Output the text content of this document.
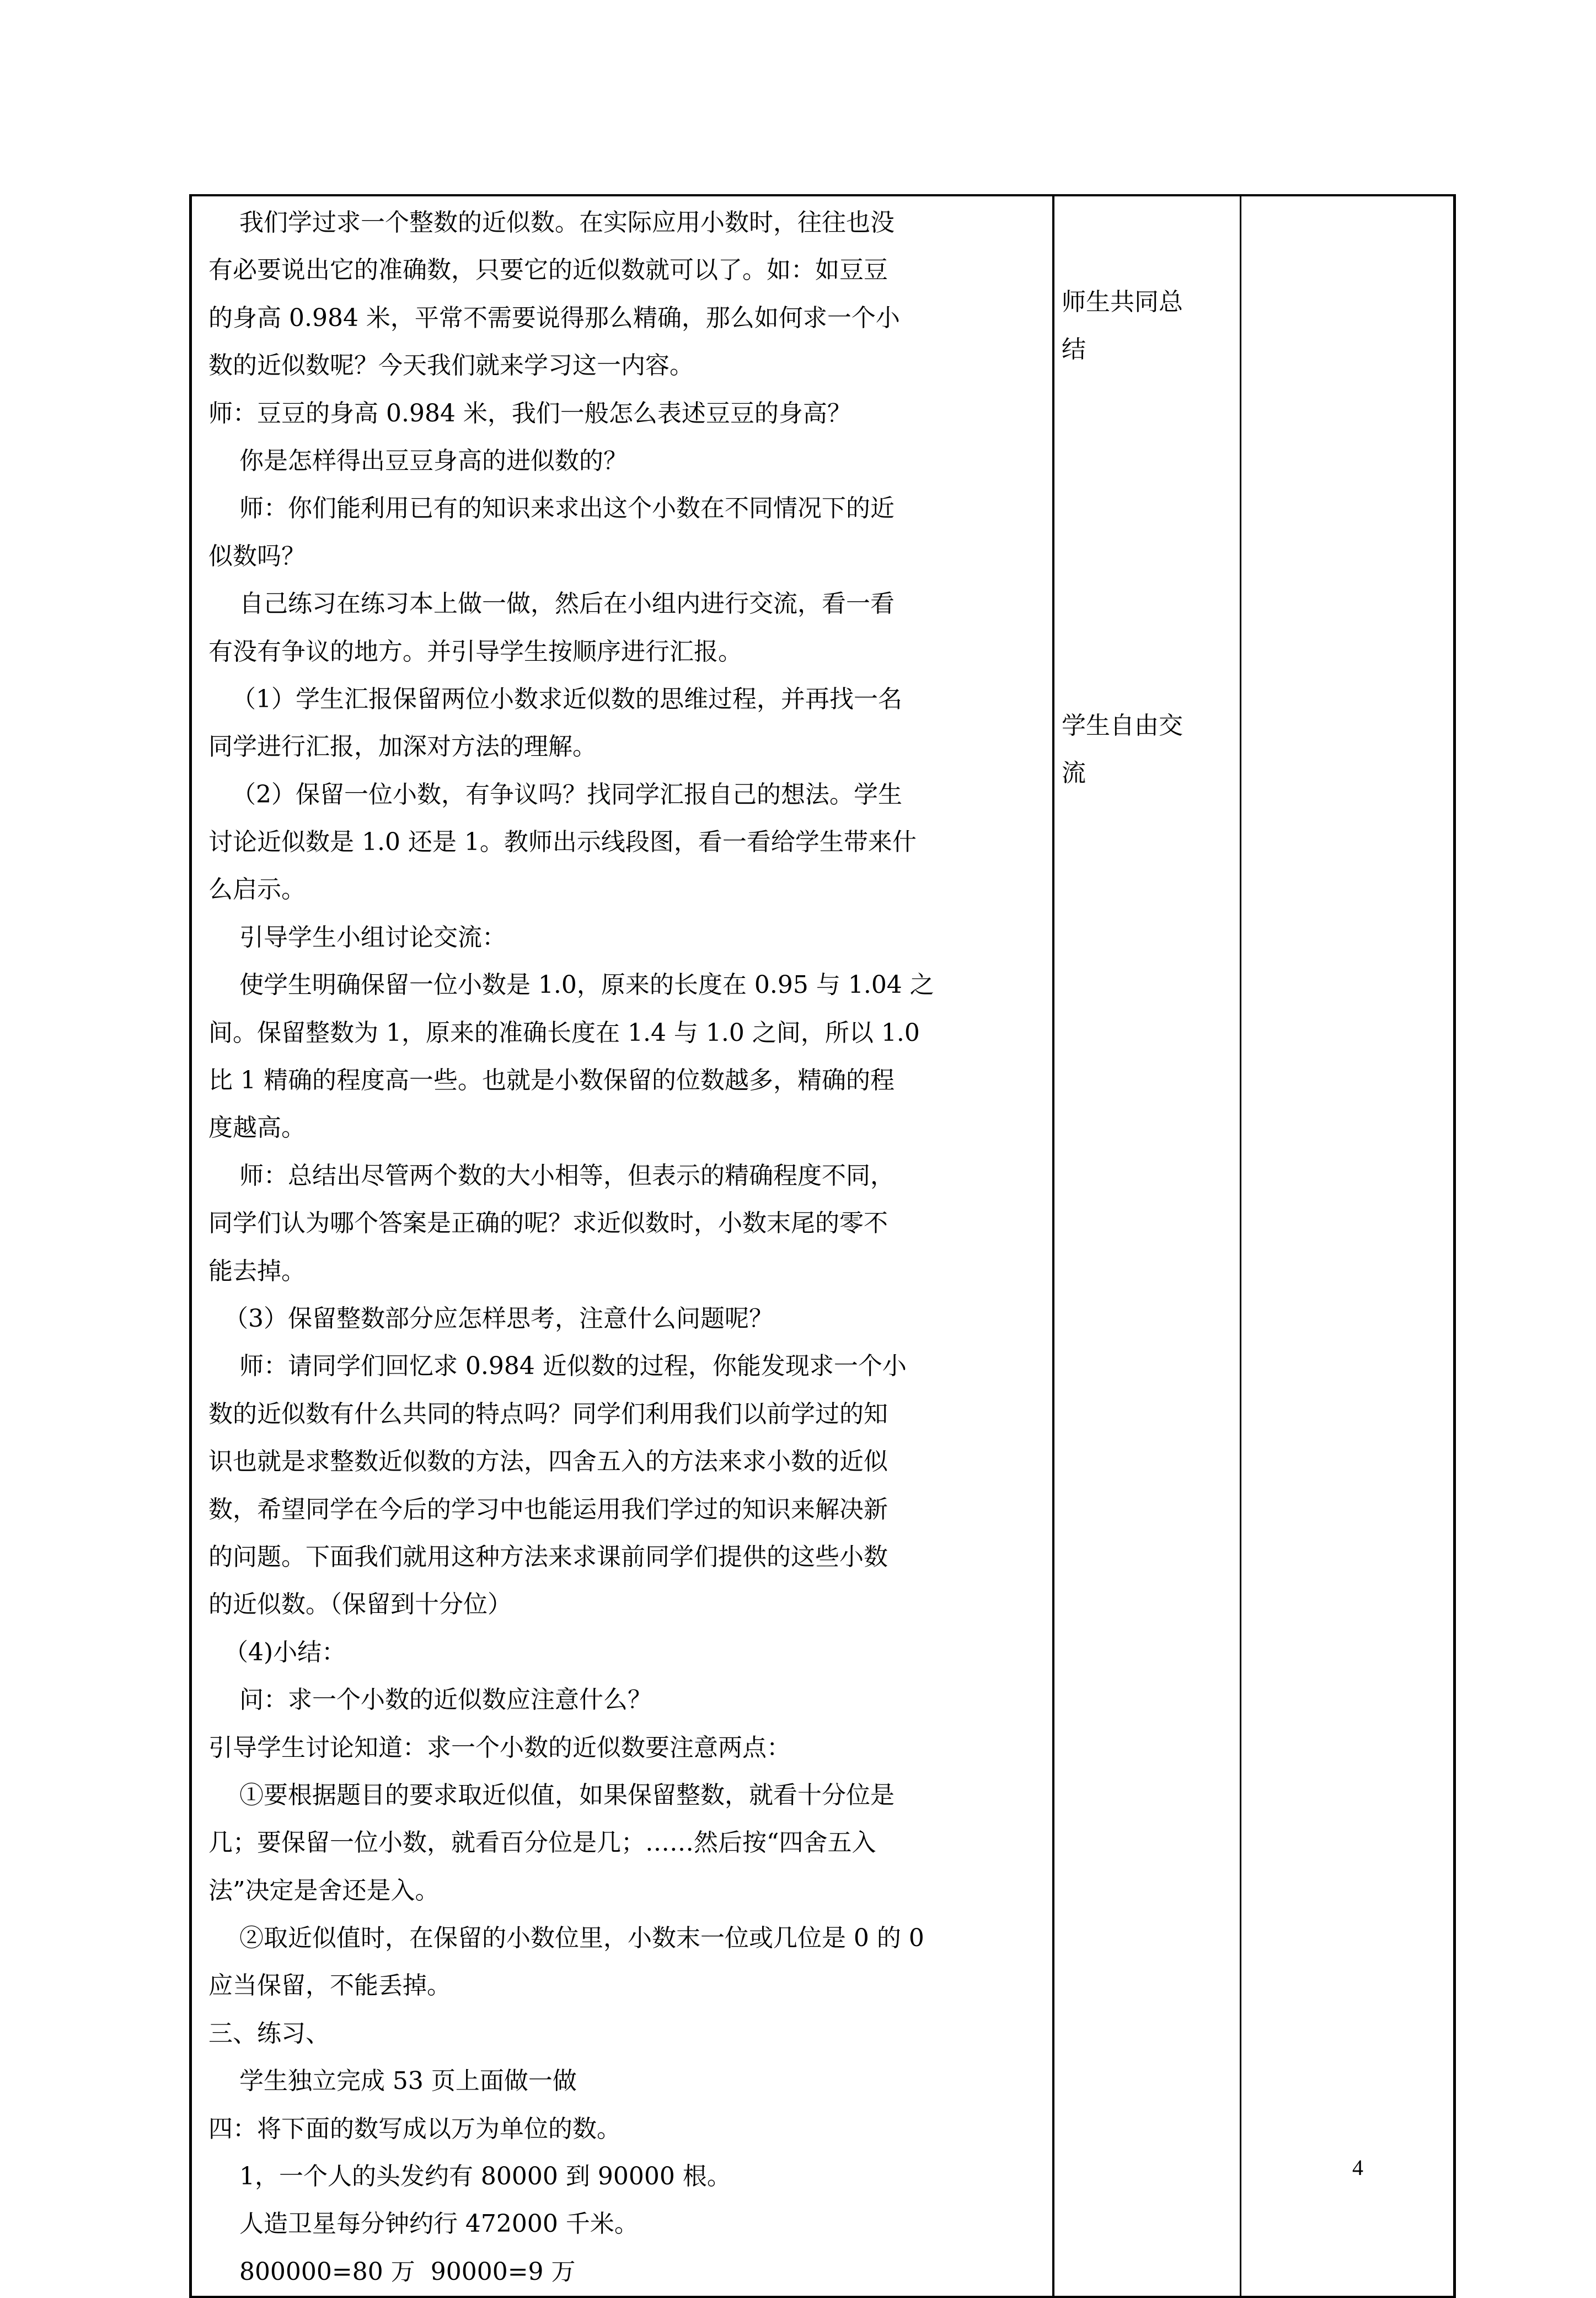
我们学过求一个整数的近似数。在实际应用小数时，往往也没
有必要说出它的准确数，只要它的近似数就可以了。如：如豆豆
的身高 0.984 米，平常不需要说得那么精确，那么如何求一个小
数的近似数呢？今天我们就来学习这一内容。
师：豆豆的身高 0.984 米，我们一般怎么表述豆豆的身高？
你是怎样得出豆豆身高的进似数的？
师：你们能利用已有的知识来求出这个小数在不同情况下的近
似数吗？
自己练习在练习本上做一做，然后在小组内进行交流，看一看
有没有争议的地方。并引导学生按顺序进行汇报。
（1）学生汇报保留两位小数求近似数的思维过程，并再找一名
同学进行汇报，加深对方法的理解。
（2）保留一位小数，有争议吗？找同学汇报自己的想法。学生
讨论近似数是 1.0 还是 1。教师出示线段图，看一看给学生带来什
么启示。
引导学生小组讨论交流：
使学生明确保留一位小数是 1.0，原来的长度在 0.95 与 1.04 之
间。保留整数为 1，原来的准确长度在 1.4 与 1.0 之间，所以 1.0
比 1 精确的程度高一些。也就是小数保留的位数越多，精确的程
度越高。
师：总结出尽管两个数的大小相等，但表示的精确程度不同，
同学们认为哪个答案是正确的呢？求近似数时，小数末尾的零不
能去掉。
（3）保留整数部分应怎样思考，注意什么问题呢？
师：请同学们回忆求 0.984 近似数的过程，你能发现求一个小
数的近似数有什么共同的特点吗？同学们利用我们以前学过的知
识也就是求整数近似数的方法，四舍五入的方法来求小数的近似
数，希望同学在今后的学习中也能运用我们学过的知识来解决新
的问题。下面我们就用这种方法来求课前同学们提供的这些小数
的近似数。（保留到十分位）
（4)小结：
问：求一个小数的近似数应注意什么？
引导学生讨论知道：求一个小数的近似数要注意两点：
①要根据题目的要求取近似值，如果保留整数，就看十分位是
几；要保留一位小数，就看百分位是几；……然后按“四舍五入
法”决定是舍还是入。
②取近似值时，在保留的小数位里，小数末一位或几位是 0 的 0
应当保留，不能丢掉。
三、练习、
学生独立完成 53 页上面做一做
四：将下面的数写成以万为单位的数。
1，一个人的头发约有 80000 到 90000 根。
人造卫星每分钟约行 472000 千米。
800000=80 万  90000=9 万

师生共同总
结
学生自由交
流
4
